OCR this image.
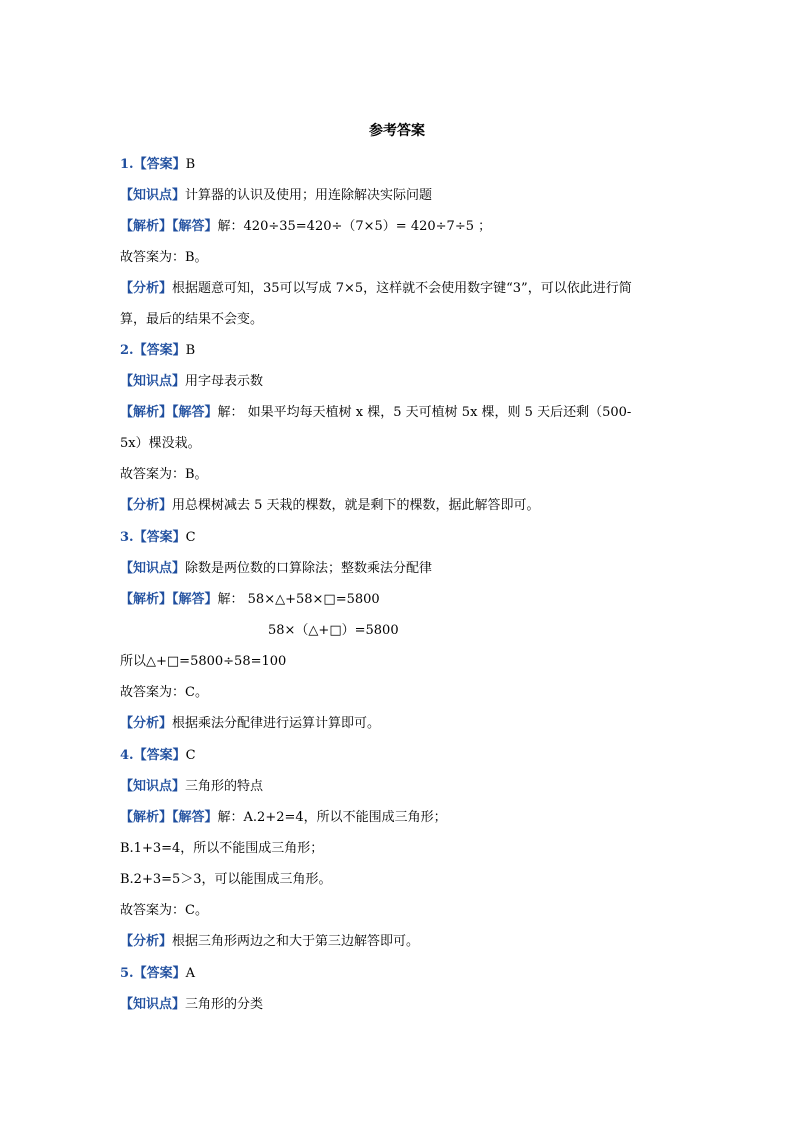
参考答案
1.【答案】B
【知识点】计算器的认识及使用；用连除解决实际问题
【解析】【解答】解：420÷35=420÷（7×5）= 420÷7÷5 ；
故答案为：B。
【分析】根据题意可知，35可以写成 7×5，这样就不会使用数字键“3”，可以依此进行简
算，最后的结果不会变。
2.【答案】B
【知识点】用字母表示数
【解析】【解答】解： 如果平均每天植树 x 棵，5 天可植树 5x 棵，则 5 天后还剩（500-
5x）棵没栽。
故答案为：B。
【分析】用总棵树减去 5 天栽的棵数，就是剩下的棵数，据此解答即可。
3.【答案】C
【知识点】除数是两位数的口算除法；整数乘法分配律
【解析】【解答】解： 58×△+58×□=5800
58×（△+□）=5800
所以△+□=5800÷58=100
故答案为：C。
【分析】根据乘法分配律进行运算计算即可。
4.【答案】C
【知识点】三角形的特点
【解析】【解答】解：A.2+2=4，所以不能围成三角形；
B.1+3=4，所以不能围成三角形；
B.2+3=5＞3，可以能围成三角形。
故答案为：C。
【分析】根据三角形两边之和大于第三边解答即可。
5.【答案】A
【知识点】三角形的分类
